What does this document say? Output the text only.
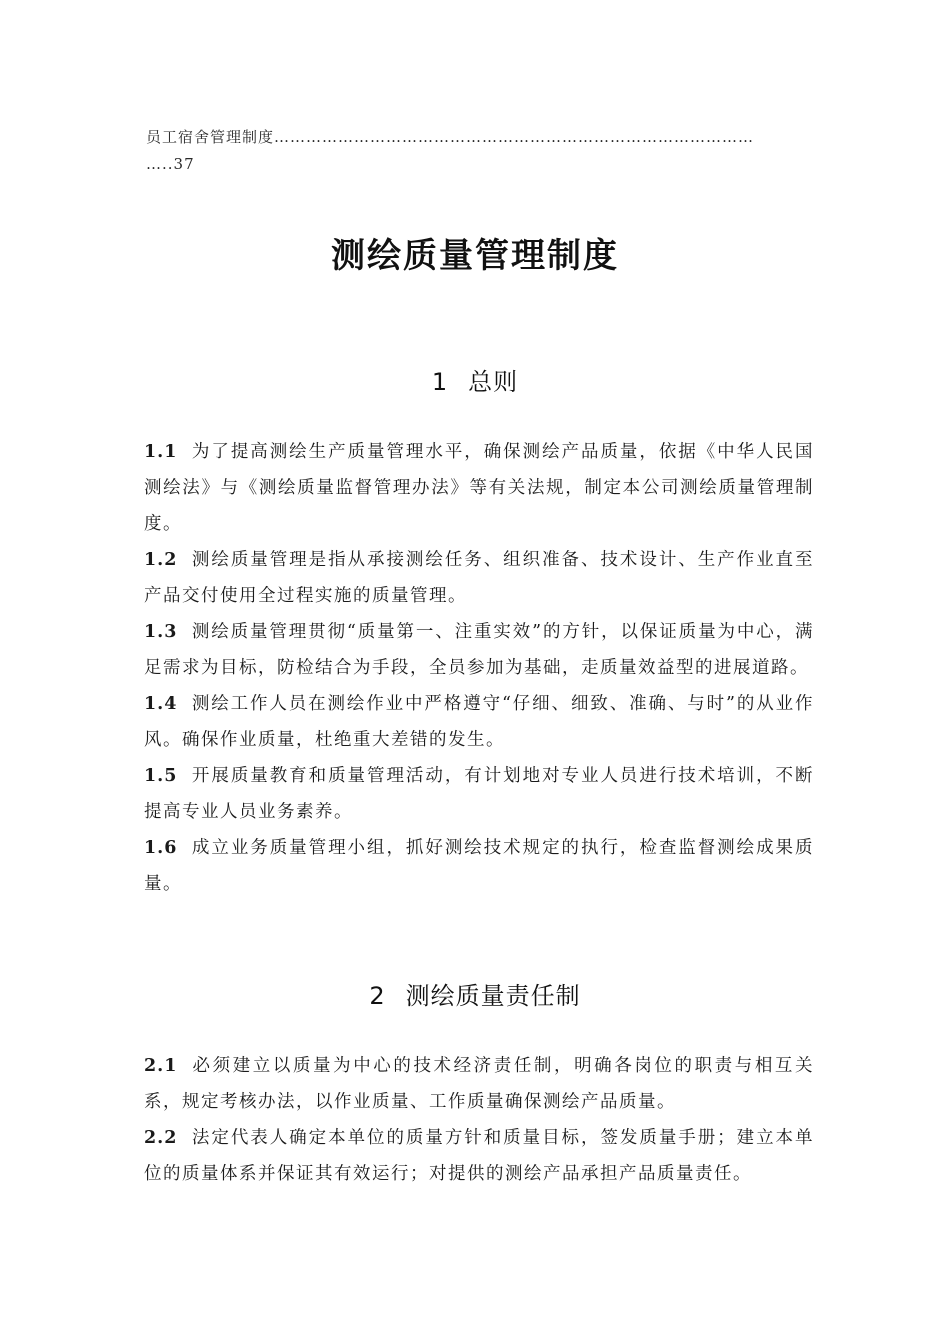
员工宿舍管理制度………………………………………………………………………………
…..37
测绘质量管理制度
1 总则

1.1 为了提高测绘生产质量管理水平，确保测绘产品质量，依据《中华人民国测绘法》与《测绘质量监督管理办法》等有关法规，制定本公司测绘质量管理制度。

1.2 测绘质量管理是指从承接测绘任务、组织准备、技术设计、生产作业直至产品交付使用全过程实施的质量管理。

1.3 测绘质量管理贯彻“质量第一、注重实效”的方针，以保证质量为中心，满足需求为目标，防检结合为手段，全员参加为基础，走质量效益型的进展道路。

1.4 测绘工作人员在测绘作业中严格遵守“仔细、细致、准确、与时”的从业作风。确保作业质量，杜绝重大差错的发生。

1.5 开展质量教育和质量管理活动，有计划地对专业人员进行技术培训，不断提高专业人员业务素养。

1.6 成立业务质量管理小组，抓好测绘技术规定的执行，检查监督测绘成果质量。

2 测绘质量责任制

2.1 必须建立以质量为中心的技术经济责任制，明确各岗位的职责与相互关系，规定考核办法，以作业质量、工作质量确保测绘产品质量。

2.2 法定代表人确定本单位的质量方针和质量目标，签发质量手册；建立本单位的质量体系并保证其有效运行；对提供的测绘产品承担产品质量责任。
